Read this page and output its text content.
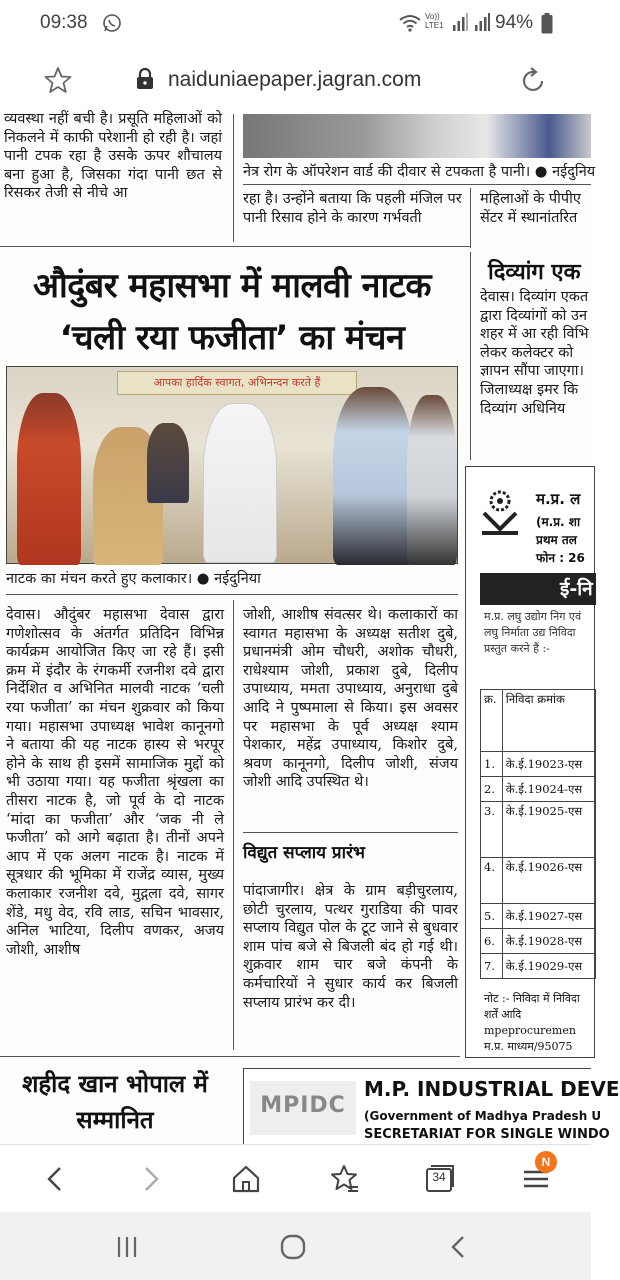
09:38	Vo))
LTE1	94%
naiduniaepaper.jagran.com
व्यवस्था नहीं बची है। प्रसूति महिलाओं को निकलने में काफी परेशानी हो रही है। जहां पानी टपक रहा है उसके ऊपर शौचालय बना हुआ है, जिसका गंदा पानी छत से रिसकर तेजी से नीचे आ
नेत्र रोग के ऑपरेशन वार्ड की दीवार से टपकता है पानी। ● नईदुनिय
रहा है। उन्होंने बताया कि पहली मंजिल पर पानी रिसाव होने के कारण गर्भवती
महिलाओं के पीपीए सेंटर में स्थानांतरित
औदुंबर महासभा में मालवी नाटक ‘चली रया फजीता’ का मंचन
आपका हार्दिक स्वागत, अभिनन्दन करते हैं
नाटक का मंचन करते हुए कलाकार। ● नईदुनिया
देवास। औदुंबर महासभा देवास द्वारा गणेशोत्सव के अंतर्गत प्रतिदिन विभिन्न कार्यक्रम आयोजित किए जा रहे हैं। इसी क्रम में इंदौर के रंगकर्मी रजनीश दवे द्वारा निर्देशित व अभिनित मालवी नाटक ‘चली रया फजीता’ का मंचन शुक्रवार को किया गया। महासभा उपाध्यक्ष भावेश कानूनगो ने बताया की यह नाटक हास्य से भरपूर होने के साथ ही इसमें सामाजिक मुद्दों को भी उठाया गया। यह फजीता श्रृंखला का तीसरा नाटक है, जो पूर्व के दो नाटक ‘मांदा का फजीता’ और ‘जक नी ले फजीता’ को आगे बढ़ाता है। तीनों अपने आप में एक अलग नाटक है। नाटक में सूत्रधार की भूमिका में राजेंद्र व्यास, मुख्य कलाकार रजनीश दवे, मुद्गला दवे, सागर शेंडे, मधु वेद, रवि लाड, सचिन भावसार, अनिल भाटिया, दिलीप वणकर, अजय जोशी, आशीष
जोशी, आशीष संवत्सर थे। कलाकारों का स्वागत महासभा के अध्यक्ष सतीश दुबे, प्रधानमंत्री ओम चौधरी, अशोक चौधरी, राधेश्याम जोशी, प्रकाश दुबे, दिलीप उपाध्याय, ममता उपाध्याय, अनुराधा दुबे आदि ने पुष्पमाला से किया। इस अवसर पर महासभा के पूर्व अध्यक्ष श्याम पेशकार, महेंद्र उपाध्याय, किशोर दुबे, श्रवण कानूनगो, दिलीप जोशी, संजय जोशी आदि उपस्थित थे।
विद्युत सप्लाय प्रारंभ
पांदाजागीर। क्षेत्र के ग्राम बड़ीचुरलाय, छोटी चुरलाय, पत्थर गुराडिया की पावर सप्लाय विद्युत पोल के टूट जाने से बुधवार शाम पांच बजे से बिजली बंद हो गई थी। शुक्रवार शाम चार बजे कंपनी के कर्मचारियों ने सुधार कार्य कर बिजली सप्लाय प्रारंभ कर दी।
शहीद खान भोपाल में सम्मानित
दिव्यांग एक
देवास। दिव्यांग एकत द्वारा दिव्यांगों को उन शहर में आ रही विभि लेकर कलेक्टर को ज्ञापन सौंपा जाएगा। जिलाध्यक्ष इमर कि दिव्यांग अधिनिय
म.प्र. ल
(म.प्र. शा
प्रथम तल
फोन : 26
ई-नि
म.प्र. लघु उद्योग निग एवं लघु निर्माता उद्य निविदा प्रस्तुत करने हैं :-
क्र.	निविदा क्रमांक
1.	के.ई.19023-एस
2.	के.ई.19024-एस
3.	के.ई.19025-एस
4.	के.ई.19026-एस
5.	के.ई.19027-एस
6.	के.ई.19028-एस
7.	के.ई.19029-एस
नोट :- निविदा में निविदा शर्तें आदि mpeprocuremen म.प्र. माध्यम/95075
MPIDC
M.P. INDUSTRIAL DEVE
(Government of Madhya Pradesh U
SECRETARIAT FOR SINGLE WINDO
34
N
